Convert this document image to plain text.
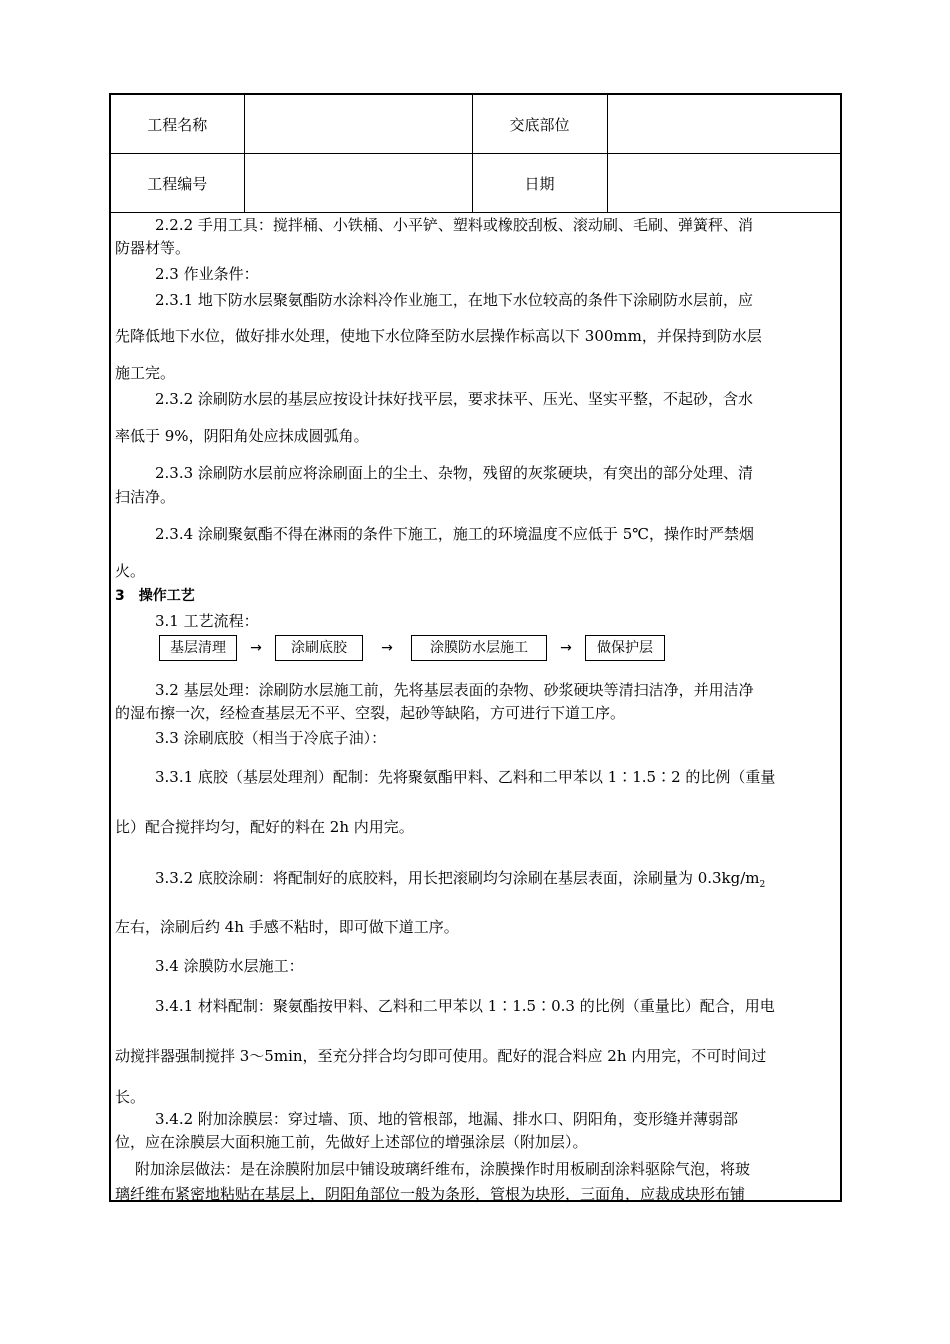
工程名称		交底部位	
工程编号		日期	
2.2.2 手用工具：搅拌桶、小铁桶、小平铲、塑料或橡胶刮板、滚动刷、毛刷、弹簧秤、消
防器材等。
2.3 作业条件：
2.3.1 地下防水层聚氨酯防水涂料冷作业施工，在地下水位较高的条件下涂刷防水层前，应
先降低地下水位，做好排水处理，使地下水位降至防水层操作标高以下 300mm，并保持到防水层
施工完。
2.3.2 涂刷防水层的基层应按设计抹好找平层，要求抹平、压光、坚实平整，不起砂，含水
率低于 9%，阴阳角处应抹成圆弧角。
2.3.3 涂刷防水层前应将涂刷面上的尘土、杂物，残留的灰浆硬块，有突出的部分处理、清
扫洁净。
2.3.4 涂刷聚氨酯不得在淋雨的条件下施工，施工的环境温度不应低于 5℃，操作时严禁烟
火。
3　操作工艺
3.1 工艺流程：
基层清理	→	涂刷底胶	→	涂膜防水层施工	→	做保护层
3.2 基层处理：涂刷防水层施工前，先将基层表面的杂物、砂浆硬块等清扫洁净，并用洁净
的湿布擦一次，经检查基层无不平、空裂，起砂等缺陷，方可进行下道工序。
3.3 涂刷底胶（相当于冷底子油）：
3.3.1 底胶（基层处理剂）配制：先将聚氨酯甲料、乙料和二甲苯以 1∶1.5∶2 的比例（重量
比）配合搅拌均匀，配好的料在 2h 内用完。
3.3.2 底胶涂刷：将配制好的底胶料，用长把滚刷均匀涂刷在基层表面，涂刷量为 $0.3kg/m_2$
左右，涂刷后约 4h 手感不粘时，即可做下道工序。
3.4 涂膜防水层施工：
3.4.1 材料配制：聚氨酯按甲料、乙料和二甲苯以 1∶1.5∶0.3 的比例（重量比）配合，用电
动搅拌器强制搅拌 3～5min，至充分拌合均匀即可使用。配好的混合料应 2h 内用完，不可时间过
长。
3.4.2 附加涂膜层：穿过墙、顶、地的管根部，地漏、排水口、阴阳角，变形缝并薄弱部
位，应在涂膜层大面积施工前，先做好上述部位的增强涂层（附加层）。
附加涂层做法：是在涂膜附加层中铺设玻璃纤维布，涂膜操作时用板刷刮涂料驱除气泡，将玻
璃纤维布紧密地粘贴在基层上，阴阳角部位一般为条形，管根为块形，三面角，应裁成块形布铺
